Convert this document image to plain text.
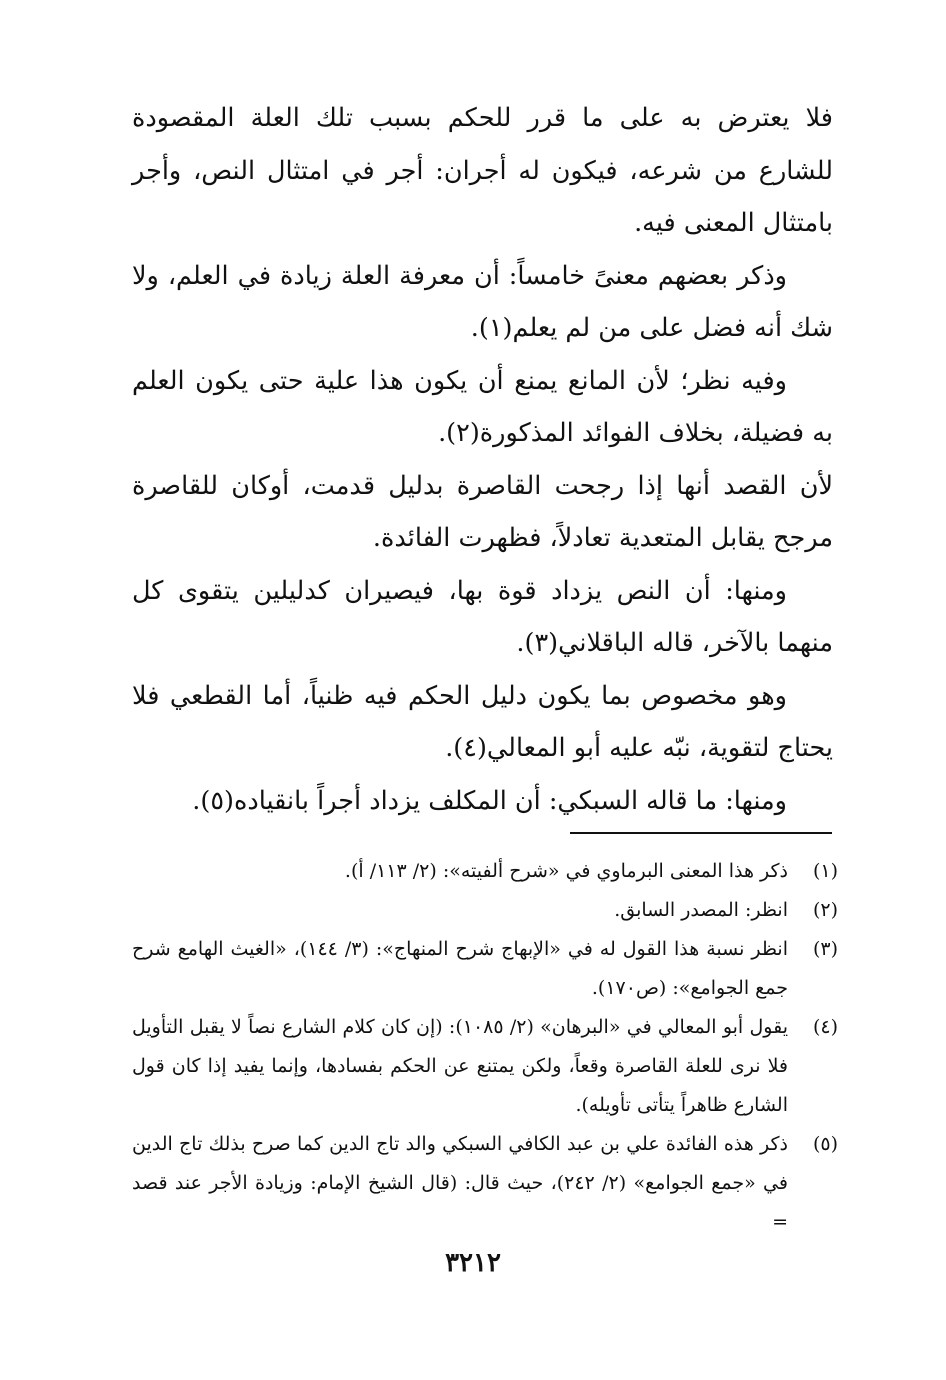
فلا يعترض به على ما قرر للحكم بسبب تلك العلة المقصودة للشارع من شرعه، فيكون له أجران: أجر في امتثال النص، وأجر بامتثال المعنى فيه.

وذكر بعضهم معنىً خامساً: أن معرفة العلة زيادة في العلم، ولا شك أنه فضل على من لم يعلم(١).

وفيه نظر؛ لأن المانع يمنع أن يكون هذا علية حتى يكون العلم به فضيلة، بخلاف الفوائد المذكورة(٢).

لأن القصد أنها إذا رجحت القاصرة بدليل قدمت، أوكان للقاصرة مرجح يقابل المتعدية تعادلاً، فظهرت الفائدة.

ومنها: أن النص يزداد قوة بها، فيصيران كدليلين يتقوى كل منهما بالآخر، قاله الباقلاني(٣).

وهو مخصوص بما يكون دليل الحكم فيه ظنياً، أما القطعي فلا يحتاج لتقوية، نبّه عليه أبو المعالي(٤).

ومنها: ما قاله السبكي: أن المكلف يزداد أجراً بانقياده(٥).

(١)
ذكر هذا المعنى البرماوي في «شرح ألفيته»: (٢/ ١١٣/ أ).
(٢)
انظر: المصدر السابق.
(٣)
انظر نسبة هذا القول له في «الإبهاج شرح المنهاج»: (٣/ ١٤٤)، «الغيث الهامع شرح جمع الجوامع»: (ص١٧٠).
(٤)
يقول أبو المعالي في «البرهان» (٢/ ١٠٨٥): (إن كان كلام الشارع نصاً لا يقبل التأويل فلا نرى للعلة القاصرة وقعاً، ولكن يمتنع عن الحكم بفسادها، وإنما يفيد إذا كان قول الشارع ظاهراً يتأتى تأويله).
(٥)
ذكر هذه الفائدة علي بن عبد الكافي السبكي والد تاج الدين كما صرح بذلك تاج الدين في «جمع الجوامع» (٢/ ٢٤٢)، حيث قال: (قال الشيخ الإمام: وزيادة الأجر عند قصد =
٣٢١٢
